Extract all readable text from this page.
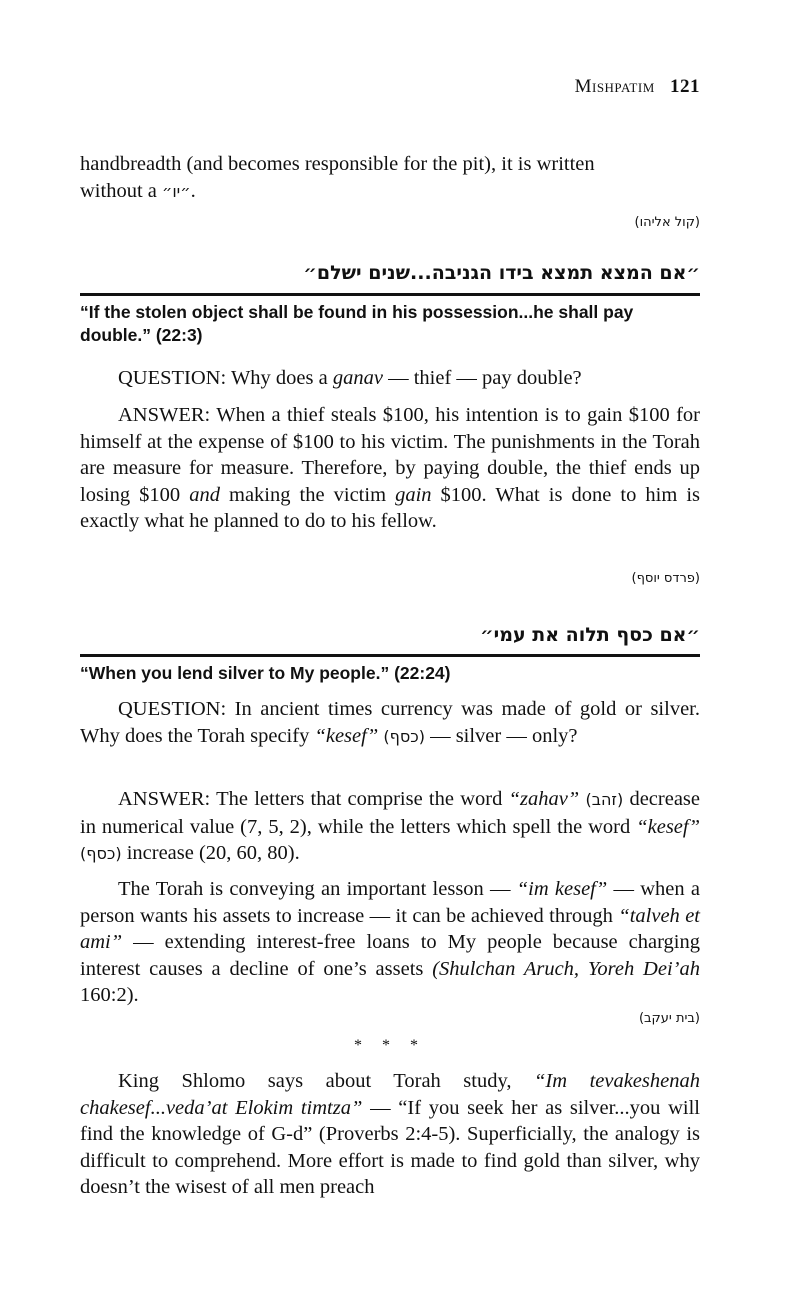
Mishpatim 121

handbreadth (and becomes responsible for the pit), it is written
without a ״יו״.

(קול אליהו)
״אם המצא תמצא בידו הגניבה...שנים ישלם״

“If the stolen object shall be found in his possession...he shall pay double.” (22:3)

QUESTION: Why does a ganav — thief — pay double?

ANSWER: When a thief steals $100, his intention is to gain $100 for himself at the expense of $100 to his victim. The punishments in the Torah are measure for measure. Therefore, by paying double, the thief ends up losing $100 and making the victim gain $100. What is done to him is exactly what he planned to do to his fellow.

(פרדס יוסף)
״אם כסף תלוה את עמי״

“When you lend silver to My people.” (22:24)

QUESTION: In ancient times currency was made of gold or silver. Why does the Torah specify “kesef” (כסף) — silver — only?

ANSWER: The letters that comprise the word “zahav” (זהב) decrease in numerical value (7, 5, 2), while the letters which spell the word “kesef” (כסף) increase (20, 60, 80).

The Torah is conveying an important lesson — “im kesef” — when a person wants his assets to increase — it can be achieved through “talveh et ami” — extending interest-free loans to My people because charging interest causes a decline of one’s assets (Shulchan Aruch, Yoreh Dei’ah 160:2).

(בית יעקב)
* * *

King Shlomo says about Torah study, “Im tevakeshenah chakesef...veda’at Elokim timtza” — “If you seek her as silver...you will find the knowledge of G-d” (Proverbs 2:4-5). Superficially, the analogy is difficult to comprehend. More effort is made to find gold than silver, why doesn’t the wisest of all men preach
